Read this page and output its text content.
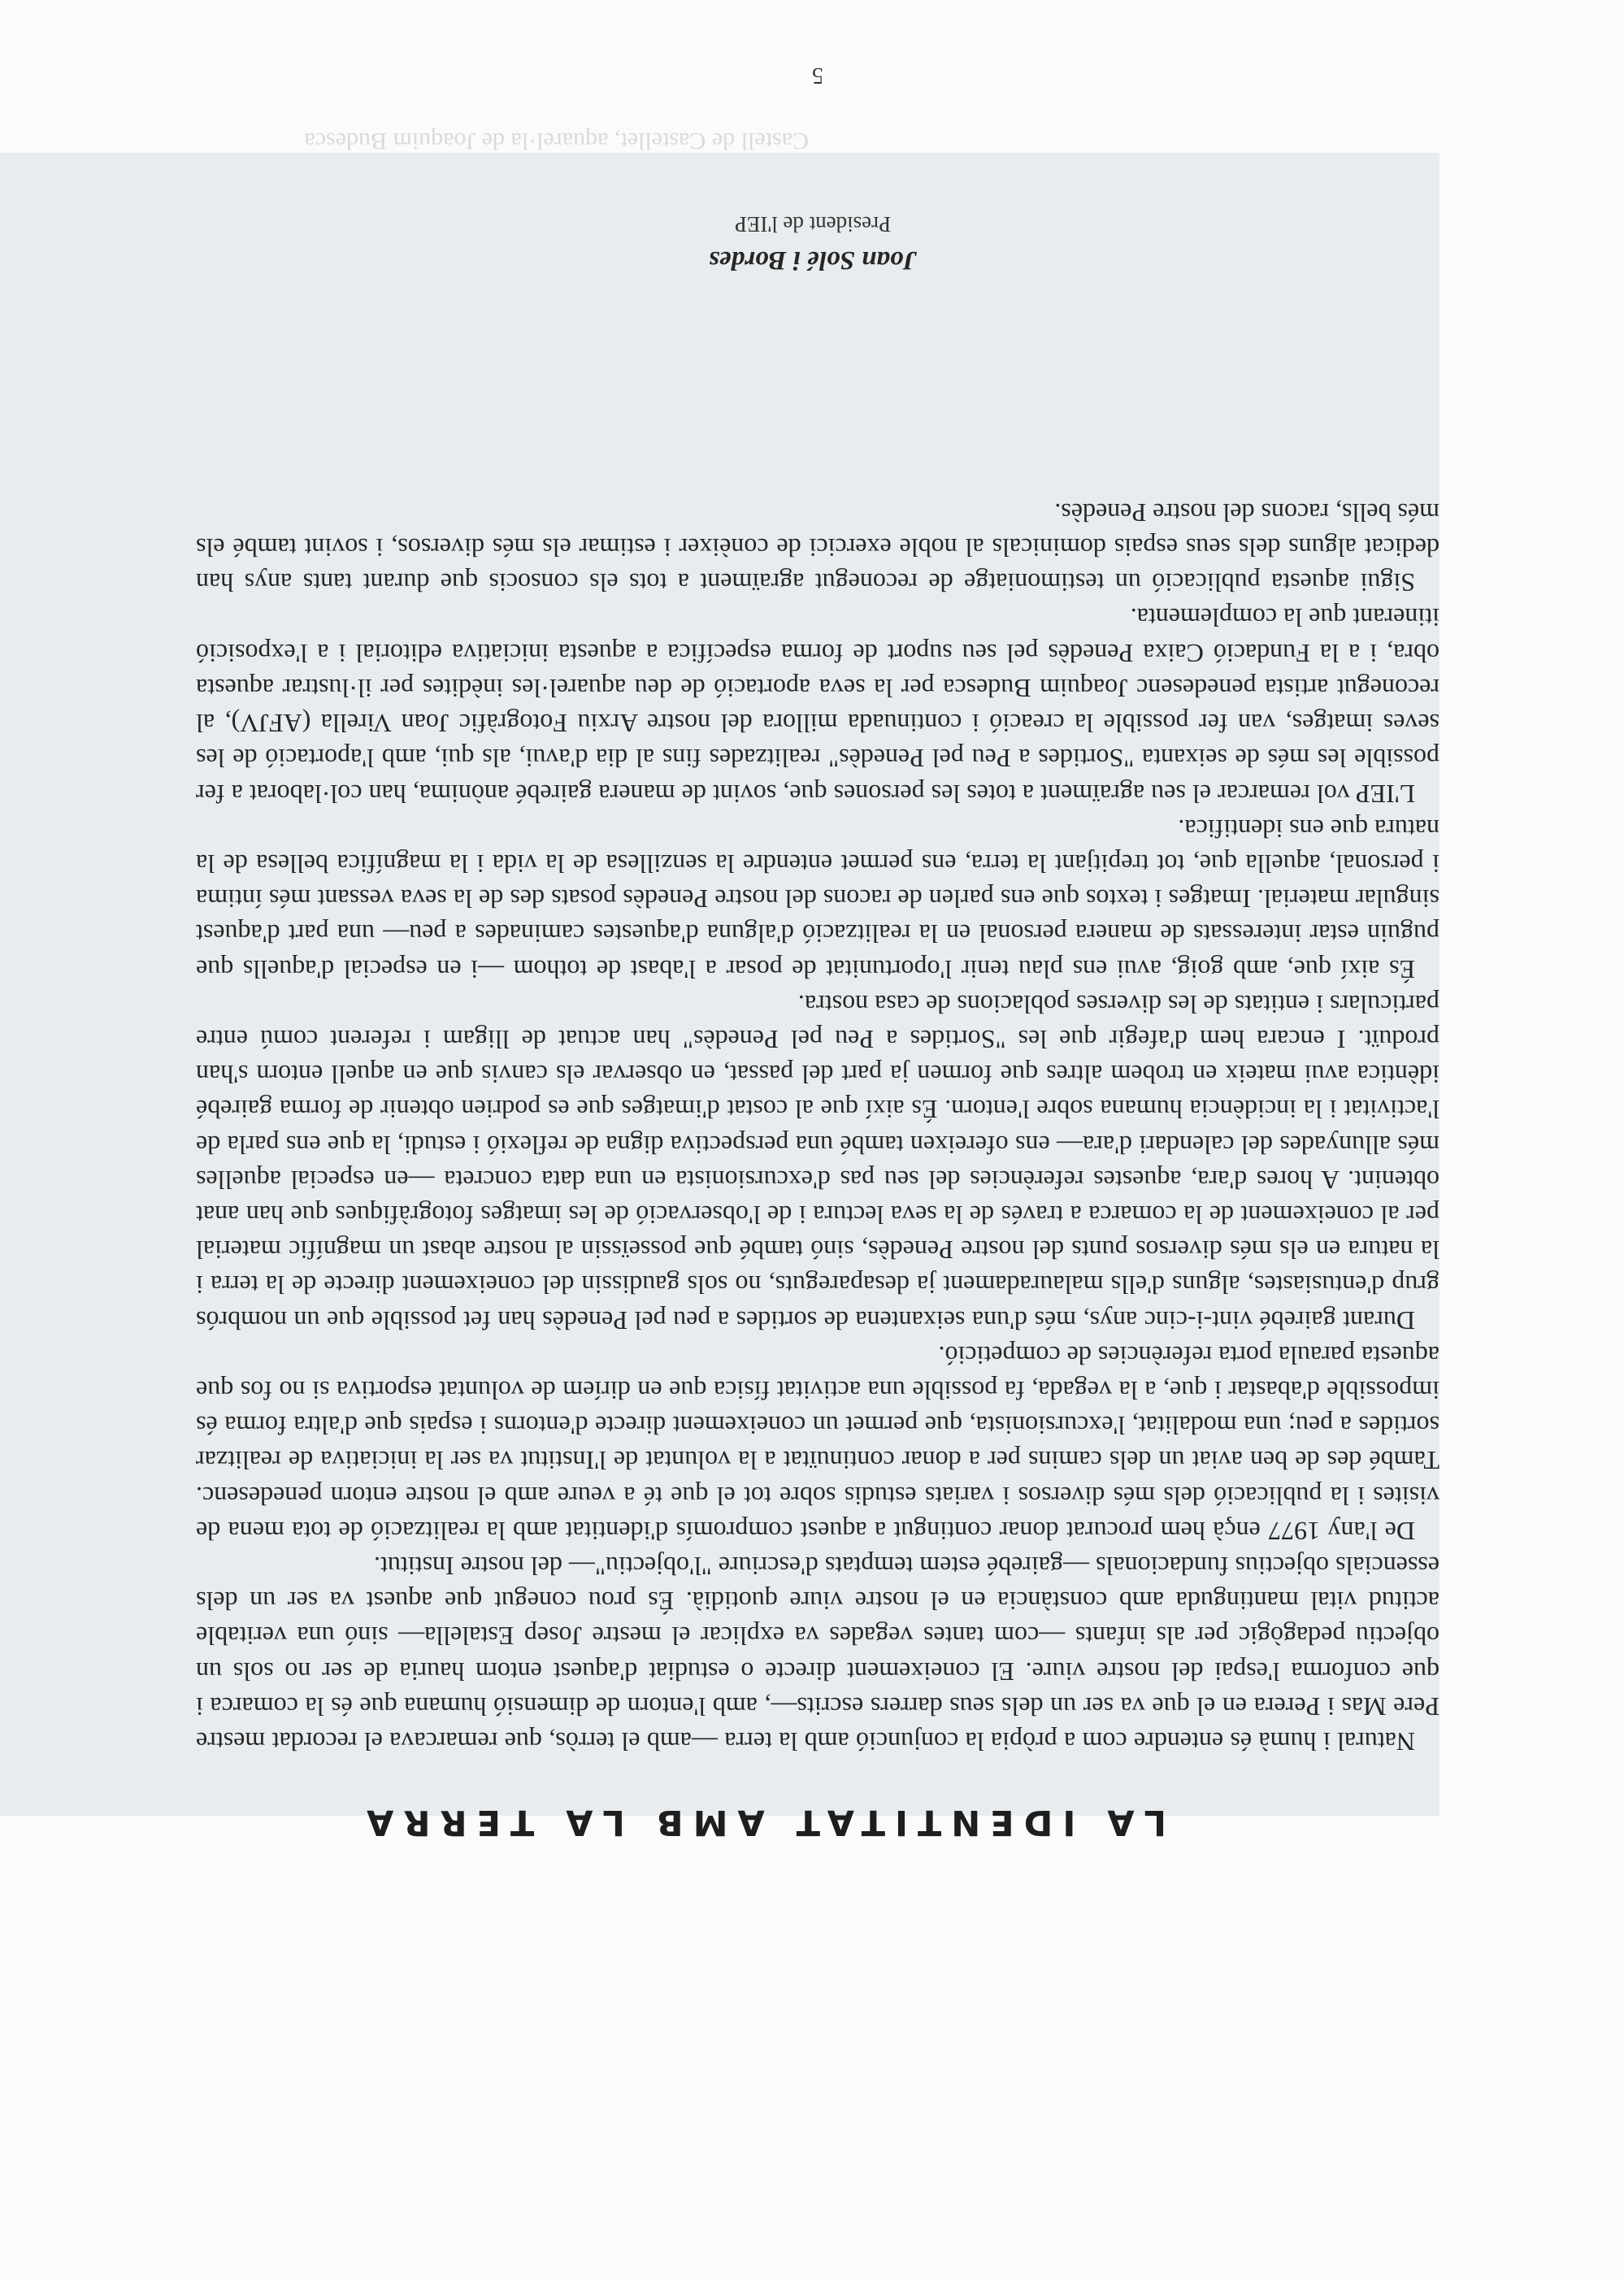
Castell de Castellet, aquarel·la de Joaquim Budesca
LA IDENTITAT AMB LA TERRA

Natural i humà és entendre com a pròpia la conjunció amb la terra —amb el terròs, que remarcava el recordat mestre Pere Mas i Perera en el que va ser un dels seus darrers escrits—, amb l'entorn de dimensió humana que és la comarca i que conforma l'espai del nostre viure. El coneixement directe o estudiat d'aquest entorn hauria de ser no sols un objectiu pedagògic per als infants —com tantes vegades va explicar el mestre Josep Estalella— sinó una veritable actitud vital mantinguda amb constància en el nostre viure quotidià. És prou conegut que aquest va ser un dels essencials objectius fundacionals —gairebé estem temptats d'escriure "l'objectiu"— del nostre Institut.

De l'any 1977 ençà hem procurat donar contingut a aquest compromís d'identitat amb la realització de tota mena de visites i la publicació dels més diversos i variats estudis sobre tot el que té a veure amb el nostre entorn penedesenc. També des de ben aviat un dels camins per a donar continuïtat a la voluntat de l'Institut va ser la iniciativa de realitzar sortides a peu; una modalitat, l'excursionista, que permet un coneixement directe d'entorns i espais que d'altra forma és impossible d'abastar i que, a la vegada, fa possible una activitat física que en diríem de voluntat esportiva si no fos que aquesta paraula porta referències de competició.

Durant gairebé vint-i-cinc anys, més d'una seixantena de sortides a peu pel Penedès han fet possible que un nombrós grup d'entusiastes, alguns d'ells malauradament ja desapareguts, no sols gaudissin del coneixement directe de la terra i la natura en els més diversos punts del nostre Penedès, sinó també que posseïssin al nostre abast un magnífic material per al coneixement de la comarca a través de la seva lectura i de l'observació de les imatges fotogràfiques que han anat obtenint. A hores d'ara, aquestes referències del seu pas d'excursionista en una data concreta —en especial aquelles més allunyades del calendari d'ara— ens ofereixen també una perspectiva digna de reflexió i estudi, la que ens parla de l'activitat i la incidència humana sobre l'entorn. És així que al costat d'imatges que es podrien obtenir de forma gairebé idèntica avui mateix en trobem altres que formen ja part del passat, en observar els canvis que en aquell entorn s'han produït. I encara hem d'afegir que les "Sortides a Peu pel Penedès" han actuat de lligam i referent comú entre particulars i entitats de les diverses poblacions de casa nostra.

És així que, amb goig, avui ens plau tenir l'oportunitat de posar a l'abast de tothom —i en especial d'aquells que puguin estar interessats de manera personal en la realització d'alguna d'aquestes caminades a peu— una part d'aquest singular material. Imatges i textos que ens parlen de racons del nostre Penedès posats des de la seva vessant més íntima i personal, aquella que, tot trepitjant la terra, ens permet entendre la senzillesa de la vida i la magnífica bellesa de la natura que ens identifica.

L'IEP vol remarcar el seu agraïment a totes les persones que, sovint de manera gairebé anònima, han col·laborat a fer possible les més de seixanta "Sortides a Peu pel Penedès" realitzades fins al dia d'avui, als qui, amb l'aportació de les seves imatges, van fer possible la creació i continuada millora del nostre Arxiu Fotogràfic Joan Virella (AFJV), al reconegut artista penedesenc Joaquim Budesca per la seva aportació de deu aquarel·les inèdites per il·lustrar aquesta obra, i a la Fundació Caixa Penedès pel seu suport de forma específica a aquesta iniciativa editorial i a l'exposició itinerant que la complementa.

Sigui aquesta publicació un testimoniatge de reconegut agraïment a tots els consocis que durant tants anys han dedicat alguns dels seus espais dominicals al noble exercici de conèixer i estimar els més diversos, i sovint també els més bells, racons del nostre Penedès.

Joan Solé i Bordes
President de l'IEP
5
